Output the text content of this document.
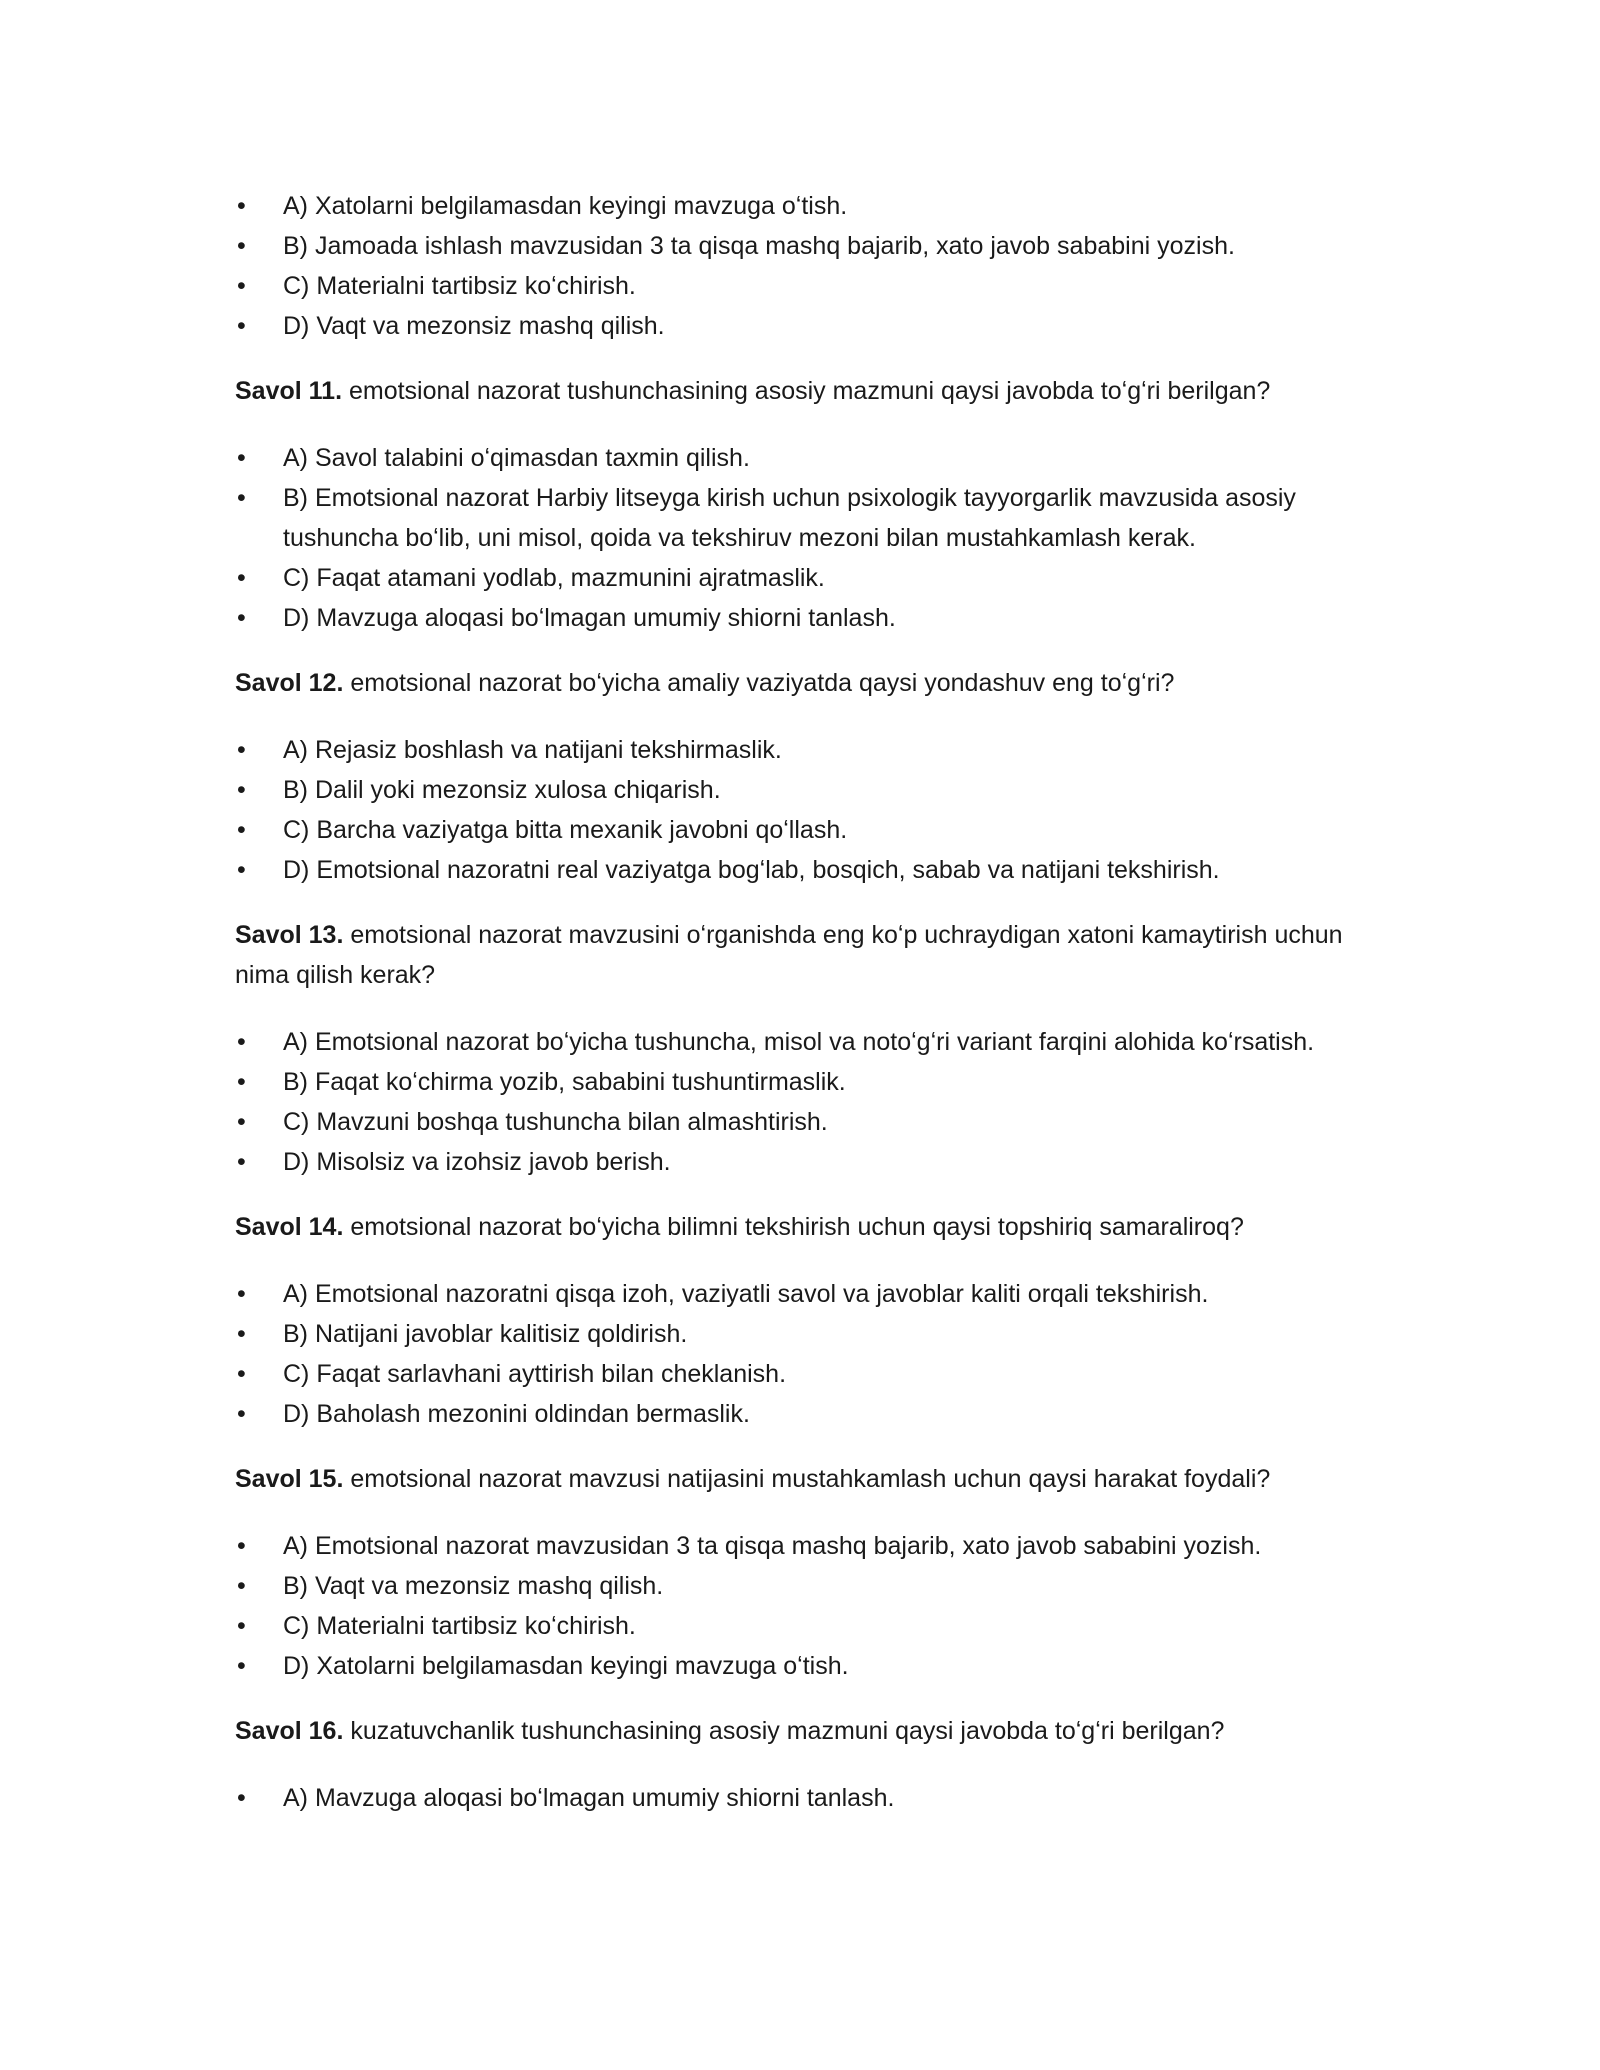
• A) Xatolarni belgilamasdan keyingi mavzuga oʻtish.
• B) Jamoada ishlash mavzusidan 3 ta qisqa mashq bajarib, xato javob sababini yozish.
• C) Materialni tartibsiz koʻchirish.
• D) Vaqt va mezonsiz mashq qilish.

Savol 11. emotsional nazorat tushunchasining asosiy mazmuni qaysi javobda toʻgʻri berilgan?

• A) Savol talabini oʻqimasdan taxmin qilish.
• B) Emotsional nazorat Harbiy litseyga kirish uchun psixologik tayyorgarlik mavzusida asosiy tushuncha boʻlib, uni misol, qoida va tekshiruv mezoni bilan mustahkamlash kerak.
• C) Faqat atamani yodlab, mazmunini ajratmaslik.
• D) Mavzuga aloqasi boʻlmagan umumiy shiorni tanlash.

Savol 12. emotsional nazorat boʻyicha amaliy vaziyatda qaysi yondashuv eng toʻgʻri?

• A) Rejasiz boshlash va natijani tekshirmaslik.
• B) Dalil yoki mezonsiz xulosa chiqarish.
• C) Barcha vaziyatga bitta mexanik javobni qoʻllash.
• D) Emotsional nazoratni real vaziyatga bogʻlab, bosqich, sabab va natijani tekshirish.

Savol 13. emotsional nazorat mavzusini oʻrganishda eng koʻp uchraydigan xatoni kamaytirish uchun nima qilish kerak?

• A) Emotsional nazorat boʻyicha tushuncha, misol va notoʻgʻri variant farqini alohida koʻrsatish.
• B) Faqat koʻchirma yozib, sababini tushuntirmaslik.
• C) Mavzuni boshqa tushuncha bilan almashtirish.
• D) Misolsiz va izohsiz javob berish.

Savol 14. emotsional nazorat boʻyicha bilimni tekshirish uchun qaysi topshiriq samaraliroq?

• A) Emotsional nazoratni qisqa izoh, vaziyatli savol va javoblar kaliti orqali tekshirish.
• B) Natijani javoblar kalitisiz qoldirish.
• C) Faqat sarlavhani ayttirish bilan cheklanish.
• D) Baholash mezonini oldindan bermaslik.

Savol 15. emotsional nazorat mavzusi natijasini mustahkamlash uchun qaysi harakat foydali?

• A) Emotsional nazorat mavzusidan 3 ta qisqa mashq bajarib, xato javob sababini yozish.
• B) Vaqt va mezonsiz mashq qilish.
• C) Materialni tartibsiz koʻchirish.
• D) Xatolarni belgilamasdan keyingi mavzuga oʻtish.

Savol 16. kuzatuvchanlik tushunchasining asosiy mazmuni qaysi javobda toʻgʻri berilgan?

• A) Mavzuga aloqasi boʻlmagan umumiy shiorni tanlash.
